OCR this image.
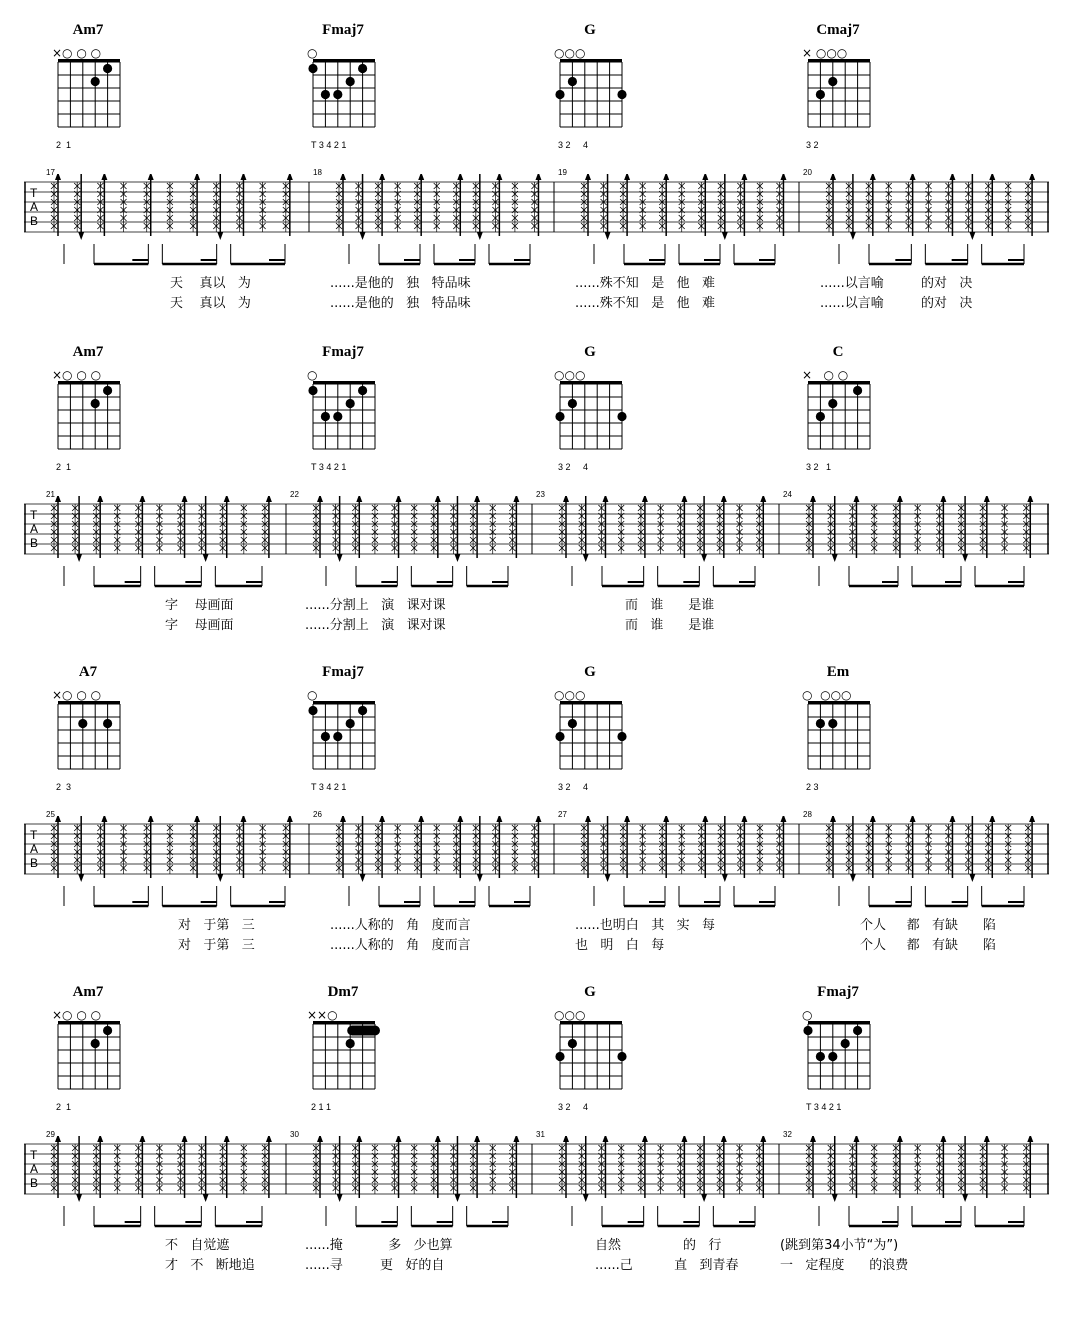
Am7
×○ ○ ○
2  1
Fmaj7
○
T 3 4 2 1
G
○○○
3 2     4
Cmaj7
× ○○○
3 2
T
A
B
17	18	19	20
天    真以   为	......是他的   独   特品味	......殊不知   是   他   难	......以言喻         的对   决
天    真以   为	......是他的   独   特品味	......殊不知   是   他   难	......以言喻         的对   决
Am7
×○ ○ ○
2  1
Fmaj7
○
T 3 4 2 1
G
○○○
3 2     4
C
×   ○ ○
3 2   1
T
A
B
21	22	23	24
字    母画面	......分割上   演   课对课	而   谁      是谁
字    母画面	......分割上   演   课对课	而   谁      是谁
A7
×○ ○ ○
2  3
Fmaj7
○
T 3 4 2 1
G
○○○
3 2     4
Em
○  ○○○
2 3
T
A
B
25	26	27	28
对   于第   三	......人称的   角   度而言	......也明白   其   实   每	个人     都   有缺      陷
对   于第   三	......人称的   角   度而言	也   明   白   每	个人     都   有缺      陷
Am7
×○ ○ ○
2  1
Dm7
××○
2 1 1
G
○○○
3 2     4
Fmaj7
○
T 3 4 2 1
T
A
B
29	30	31	32
不   自觉遮	......掩           多   少也算	自然               的   行	(跳到第34小节“为”)
才   不   断地追	......寻         更   好的自	......己          直   到青春	一   定程度      的浪费
